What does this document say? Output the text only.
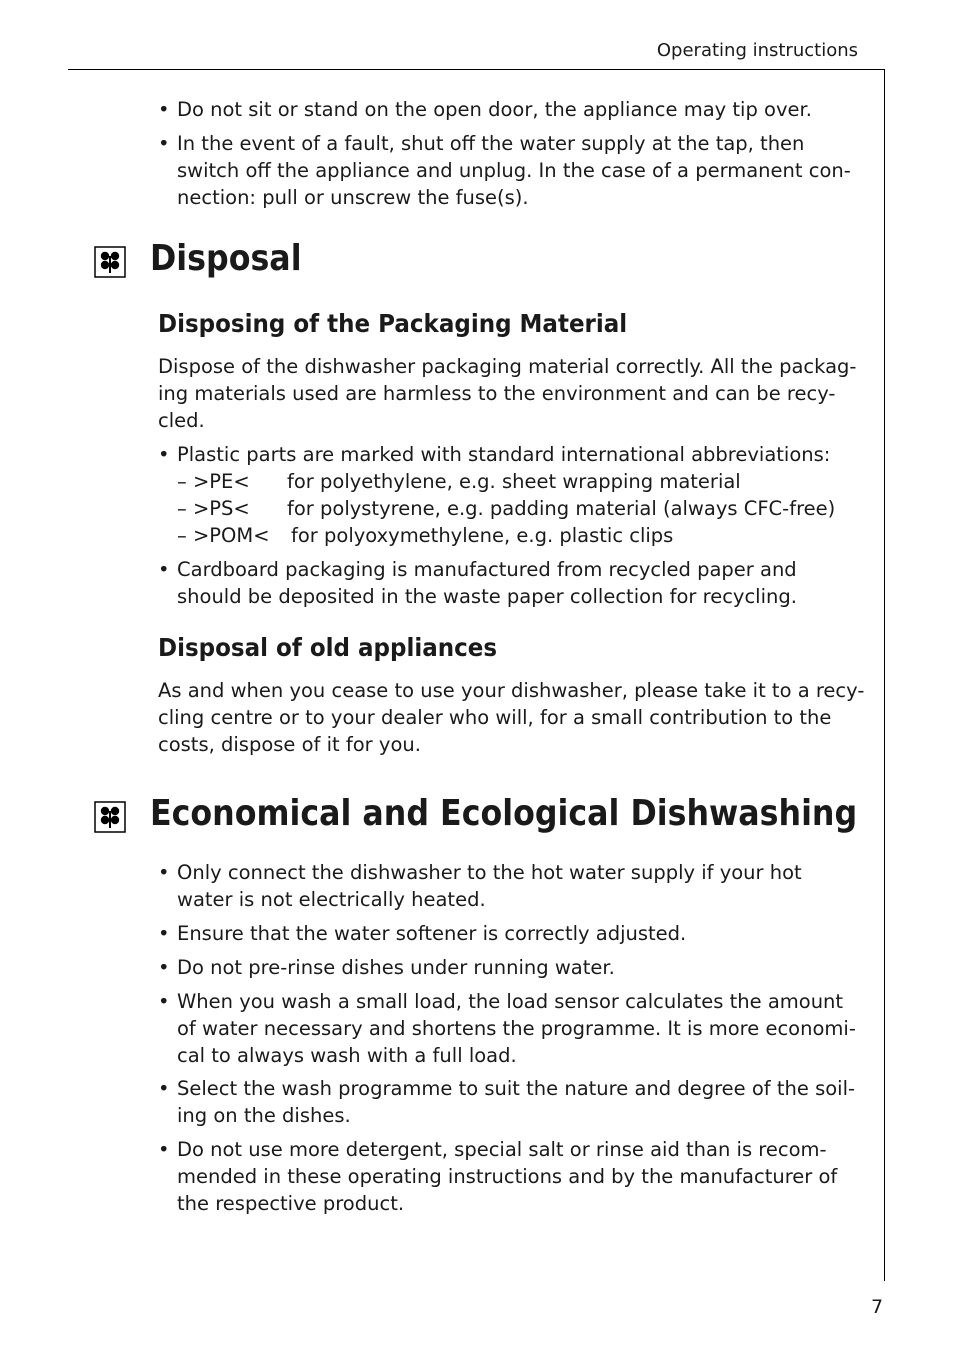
Operating instructions
• Do not sit or stand on the open door, the appliance may tip over.
• In the event of a fault, shut off the water supply at the tap, then
switch off the appliance and unplug. In the case of a permanent con-
nection: pull or unscrew the fuse(s).
Disposal
Disposing of the Packaging Material
Dispose of the dishwasher packaging material correctly. All the packag-
ing materials used are harmless to the environment and can be recy-
cled.
• Plastic parts are marked with standard international abbreviations:
– >PE< for polyethylene, e.g. sheet wrapping material
– >PS< for polystyrene, e.g. padding material (always CFC-free)
– >POM< for polyoxymethylene, e.g. plastic clips
• Cardboard packaging is manufactured from recycled paper and
should be deposited in the waste paper collection for recycling.
Disposal of old appliances
As and when you cease to use your dishwasher, please take it to a recy-
cling centre or to your dealer who will, for a small contribution to the
costs, dispose of it for you.
Economical and Ecological Dishwashing
• Only connect the dishwasher to the hot water supply if your hot
water is not electrically heated.
• Ensure that the water softener is correctly adjusted.
• Do not pre-rinse dishes under running water.
• When you wash a small load, the load sensor calculates the amount
of water necessary and shortens the programme. It is more economi-
cal to always wash with a full load.
• Select the wash programme to suit the nature and degree of the soil-
ing on the dishes.
• Do not use more detergent, special salt or rinse aid than is recom-
mended in these operating instructions and by the manufacturer of
the respective product.
7
